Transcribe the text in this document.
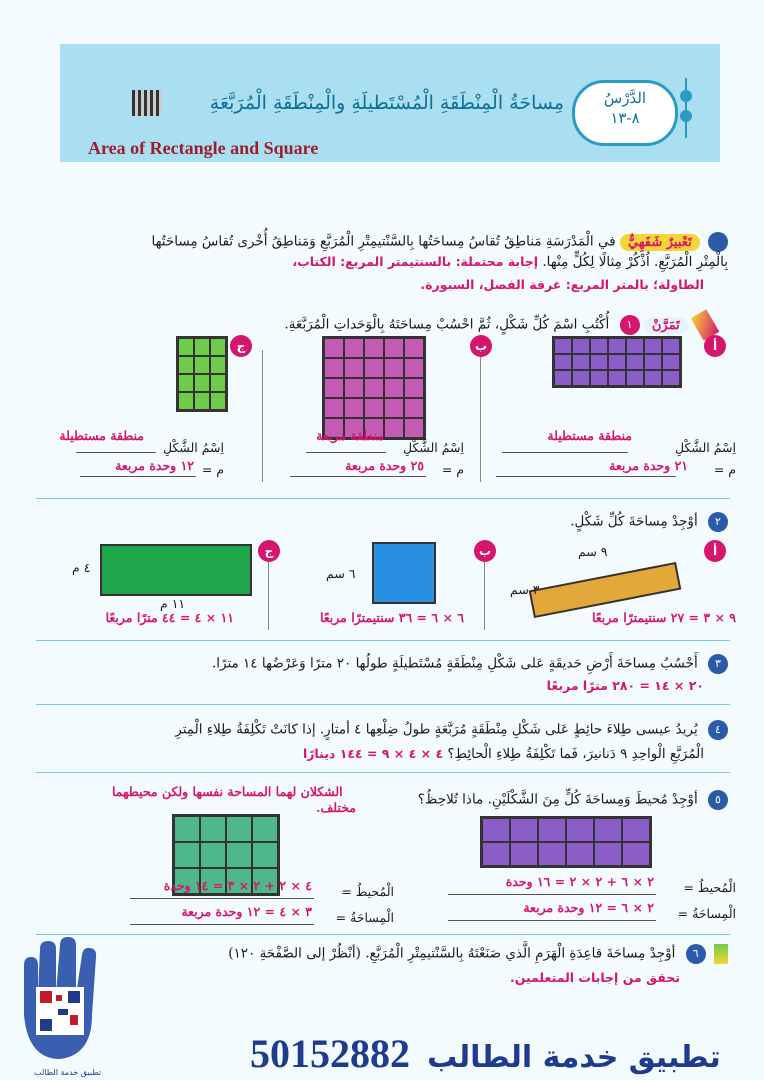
الدَّرْسُ
٨-١٣
مِساحَةُ الْمِنْطَقَةِ الْمُسْتَطيلَةِ والْمِنْطَقَةِ الْمُرَبَّعَةِ
Area of Rectangle and Square
تَعْبيرٌ شَفَهِيٌّ في الْمَدْرَسَةِ مَناطِقُ تُقاسُ مِساحَتُها بِالسَّنْتيمِتْرِ الْمُرَبَّعِ وَمَناطِقُ أُخْرى تُقاسُ مِساحَتُها
بِالْمِتْرِ الْمُرَبَّعِ. اُذْكُرْ مِثالًا لِكُلٍّ مِنْها. إجابة محتملة: بالسنتيمتر المربع: الكتاب،
الطاولة؛ بالمتر المربع: غرفة الفصل، السبورة.
تَمَرَّنْ ١ أُكْتُبِ اسْمَ كُلِّ شَكْلٍ، ثُمَّ احْسُبْ مِساحَتَهُ بِالْوَحَداتِ الْمُرَبَّعَةِ.
أ
ب
ج
اِسْمُ الشَّكْلِ
منطقة مستطيلة
م =
٢١ وحدة مربعة
اِسْمُ الشَّكْلِ
منطقة مربعة
م =
٢٥ وحدة مربعة
اِسْمُ الشَّكْلِ
منطقة مستطيلة
م =
١٢ وحدة مربعة
٢ أوْجِدْ مِساحَةَ كُلِّ شَكْلٍ.
أ
٩ سم
٣ سم
٩ × ٣ = ٢٧ سنتيمترًا مربعًا
ب
٦ سم
٦ × ٦ = ٣٦ سنتيمترًا مربعًا
ج
٤ م
١١ م
١١ × ٤ = ٤٤ مترًا مربعًا
٣ أَحْسُبُ مِساحَةَ أَرْضِ حَديقَةٍ عَلى شَكْلِ مِنْطَقَةٍ مُسْتَطيلَةٍ طولُها ٢٠ مترًا وَعَرْضُها ١٤ مترًا.
٢٠ × ١٤ = ٢٨٠ مترًا مربعًا
٤ يُريدُ عيسى طِلاءَ حائِطٍ عَلى شَكْلِ مِنْطَقَةٍ مُرَبَّعَةٍ طولُ ضِلْعِها ٤ أمتارٍ. إذا كانَتْ تَكْلِفَةُ طِلاءِ الْمِترِ
الْمُرَبَّعِ الْواحِدِ ٩ دَنانيرَ، فَما تَكْلِفَةُ طِلاءِ الْحائِطِ؟ ٤ × ٤ × ٩ = ١٤٤ دينارًا
٥ أوْجِدْ مُحيطَ وَمِساحَةَ كُلٍّ مِنَ الشَّكْلَيْنِ. ماذا تُلاحِظُ؟
الشكلان لهما المساحة نفسها ولكن محيطهما
مختلف.
الْمُحيطُ =
٢ × ٦ + ٢ × ٢ = ١٦ وحدة
الْمِساحَةُ =
٢ × ٦ = ١٢ وحدة مربعة
الْمُحيطُ =
٤ × ٢ + ٢ × ٣ = ١٤ وحدة
الْمِساحَةُ =
٣ × ٤ = ١٢ وحدة مربعة
٦ أوْجِدْ مِساحَةَ قاعِدَةِ الْهَرَمِ الَّذي صَنَعْتَهُ بِالسَّنْتيمِتْرِ الْمُرَبَّعِ. (أنْظُرْ إلى الصَّفْحَةِ ١٢٠)
تحقق من إجابات المتعلمين.
تطبيق خدمة الطالب	50152882 تطبيق خدمة الطالب
